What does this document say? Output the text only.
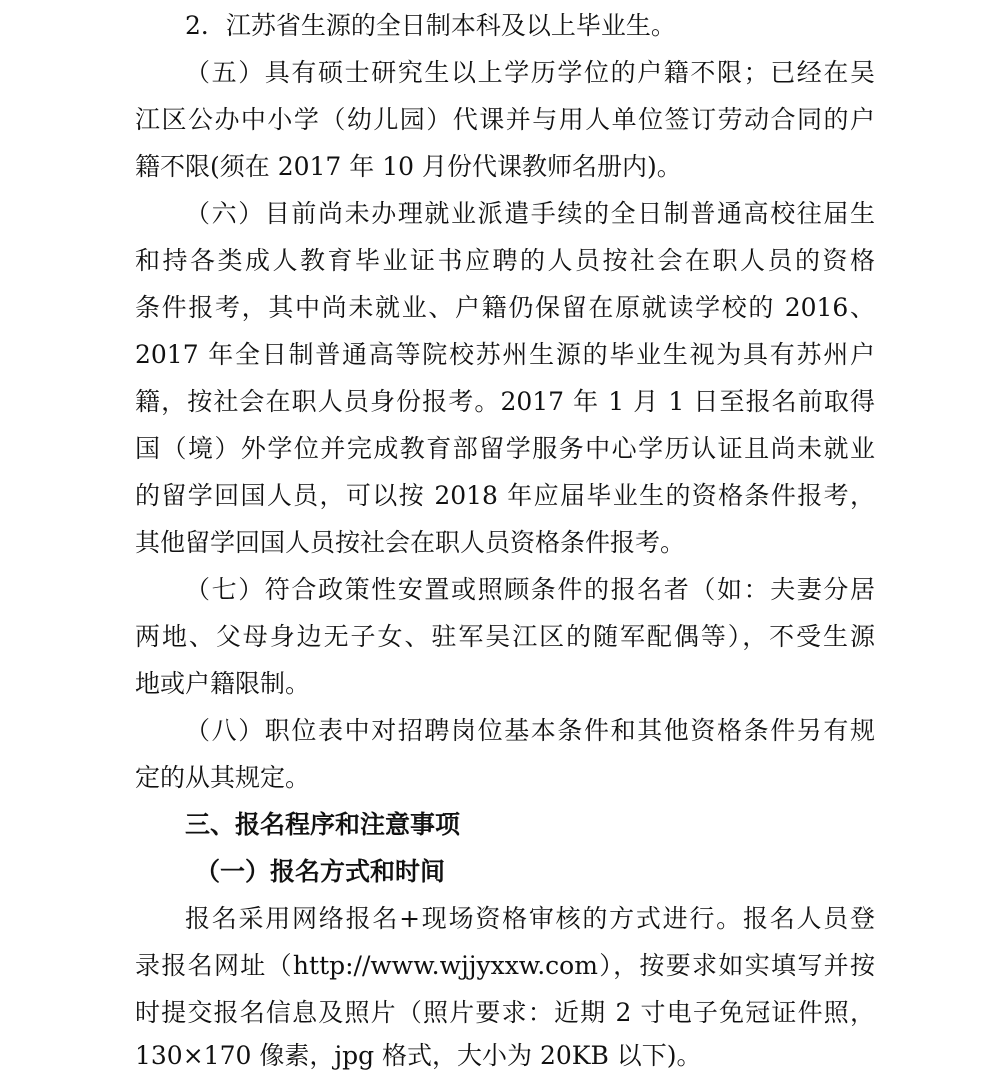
2．江苏省生源的全日制本科及以上毕业生。
（五）具有硕士研究生以上学历学位的户籍不限；已经在吴
江区公办中小学（幼儿园）代课并与用人单位签订劳动合同的户
籍不限(须在 2017 年 10 月份代课教师名册内)。
（六）目前尚未办理就业派遣手续的全日制普通高校往届生
和持各类成人教育毕业证书应聘的人员按社会在职人员的资格
条件报考，其中尚未就业、户籍仍保留在原就读学校的 2016、
2017 年全日制普通高等院校苏州生源的毕业生视为具有苏州户
籍，按社会在职人员身份报考。2017 年 1 月 1 日至报名前取得
国（境）外学位并完成教育部留学服务中心学历认证且尚未就业
的留学回国人员，可以按 2018 年应届毕业生的资格条件报考，
其他留学回国人员按社会在职人员资格条件报考。
（七）符合政策性安置或照顾条件的报名者（如：夫妻分居
两地、父母身边无子女、驻军吴江区的随军配偶等），不受生源
地或户籍限制。
（八）职位表中对招聘岗位基本条件和其他资格条件另有规
定的从其规定。
三、报名程序和注意事项
（一）报名方式和时间
报名采用网络报名+现场资格审核的方式进行。报名人员登
录报名网址（http://www.wjjyxxw.com），按要求如实填写并按
时提交报名信息及照片（照片要求：近期 2 寸电子免冠证件照，
130×170 像素，jpg 格式，大小为 20KB 以下)。
